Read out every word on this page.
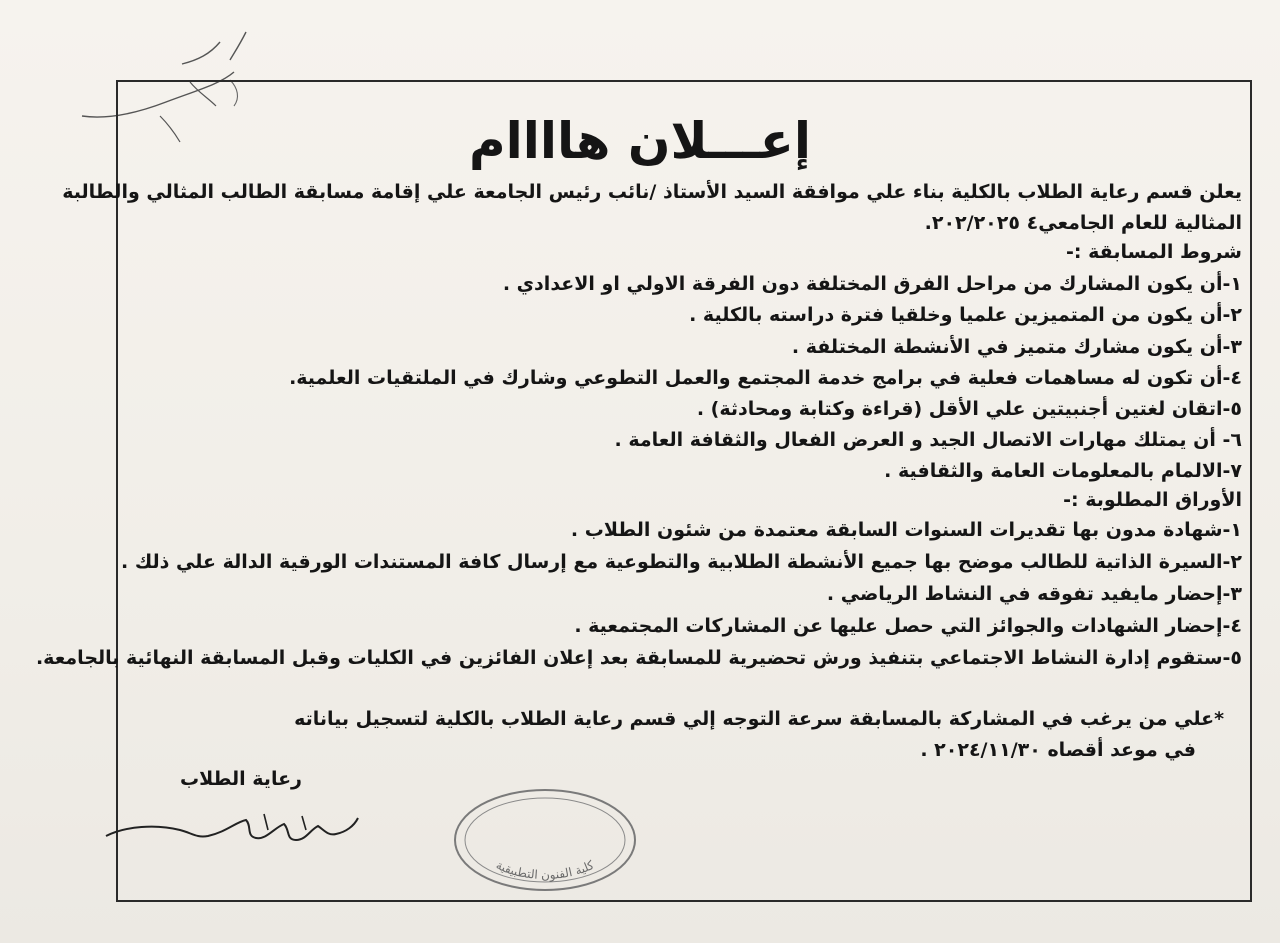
إعـــلان هاااام
يعلن قسم رعاية الطلاب بالكلية بناء علي موافقة السيد الأستاذ /نائب رئيس الجامعة علي إقامة مسابقة الطالب المثالي والطالبة
المثالية للعام الجامعي٤ ٢٠٢/٢٠٢٥.
شروط المسابقة :-
١-أن يكون المشارك من مراحل الفرق المختلفة دون الفرقة الاولي او الاعدادي .
٢-أن يكون من المتميزين علميا وخلقيا فترة دراسته بالكلية .
٣-أن يكون مشارك متميز في الأنشطة المختلفة .
٤-أن تكون له مساهمات فعلية في برامج خدمة المجتمع والعمل التطوعي وشارك في الملتقيات العلمية.
٥-اتقان لغتين أجنبيتين علي الأقل (قراءة وكتابة ومحادثة) .
٦- أن يمتلك مهارات الاتصال الجيد و العرض الفعال والثقافة العامة .
٧-الالمام بالمعلومات العامة والثقافية .
الأوراق المطلوبة :-
١-شهادة مدون بها تقديرات السنوات السابقة معتمدة من شئون الطلاب .
٢-السيرة الذاتية للطالب موضح بها جميع الأنشطة الطلابية والتطوعية مع إرسال كافة المستندات الورقية الدالة علي ذلك .
٣-إحضار مايفيد تفوقه في النشاط الرياضي .
٤-إحضار الشهادات والجوائز التي حصل عليها عن المشاركات المجتمعية .
٥-ستقوم إدارة النشاط الاجتماعي بتنفيذ ورش تحضيرية للمسابقة بعد إعلان الفائزين في الكليات وقبل المسابقة النهائية بالجامعة.
*علي من يرغب في المشاركة بالمسابقة سرعة التوجه إلي قسم رعاية الطلاب بالكلية لتسجيل بياناته
في موعد أقصاه ٢٠٢٤/١١/٣٠ .
رعاية الطلاب
كلية الفنون التطبيقية
